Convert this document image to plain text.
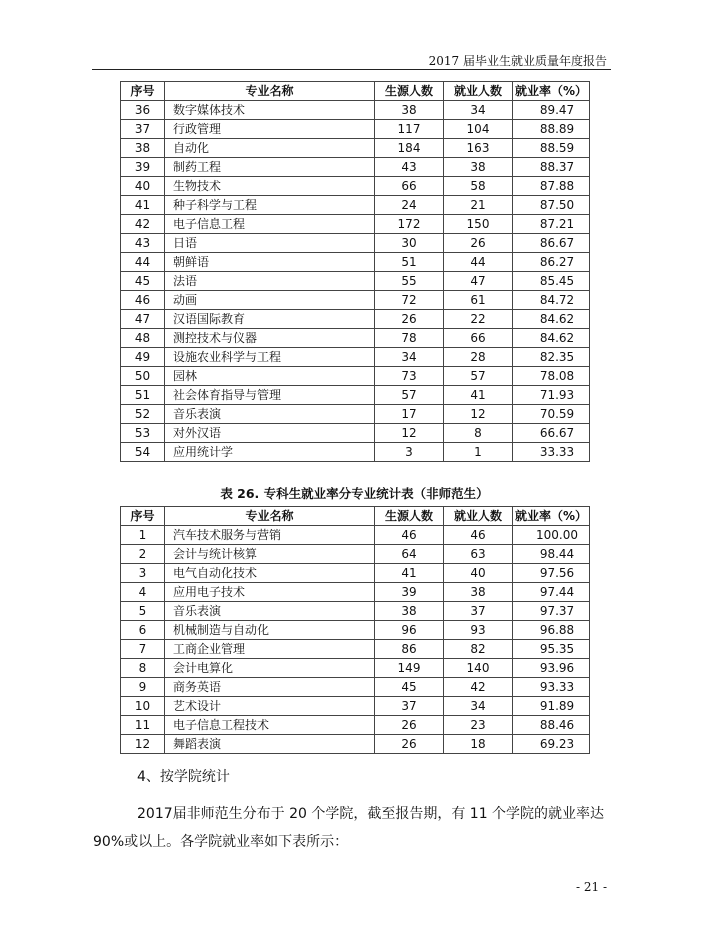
2017 届毕业生就业质量年度报告
序号	专业名称	生源人数	就业人数	就业率（%）
36	数字媒体技术	38	34	89.47
37	行政管理	117	104	88.89
38	自动化	184	163	88.59
39	制药工程	43	38	88.37
40	生物技术	66	58	87.88
41	种子科学与工程	24	21	87.50
42	电子信息工程	172	150	87.21
43	日语	30	26	86.67
44	朝鲜语	51	44	86.27
45	法语	55	47	85.45
46	动画	72	61	84.72
47	汉语国际教育	26	22	84.62
48	测控技术与仪器	78	66	84.62
49	设施农业科学与工程	34	28	82.35
50	园林	73	57	78.08
51	社会体育指导与管理	57	41	71.93
52	音乐表演	17	12	70.59
53	对外汉语	12	8	66.67
54	应用统计学	3	1	33.33
表 26. 专科生就业率分专业统计表（非师范生）
序号	专业名称	生源人数	就业人数	就业率（%）
1	汽车技术服务与营销	46	46	100.00
2	会计与统计核算	64	63	98.44
3	电气自动化技术	41	40	97.56
4	应用电子技术	39	38	97.44
5	音乐表演	38	37	97.37
6	机械制造与自动化	96	93	96.88
7	工商企业管理	86	82	95.35
8	会计电算化	149	140	93.96
9	商务英语	45	42	93.33
10	艺术设计	37	34	91.89
11	电子信息工程技术	26	23	88.46
12	舞蹈表演	26	18	69.23
4、按学院统计
2017届非师范生分布于 20 个学院，截至报告期，有 11 个学院的就业率达90%或以上。各学院就业率如下表所示：
- 21 -
